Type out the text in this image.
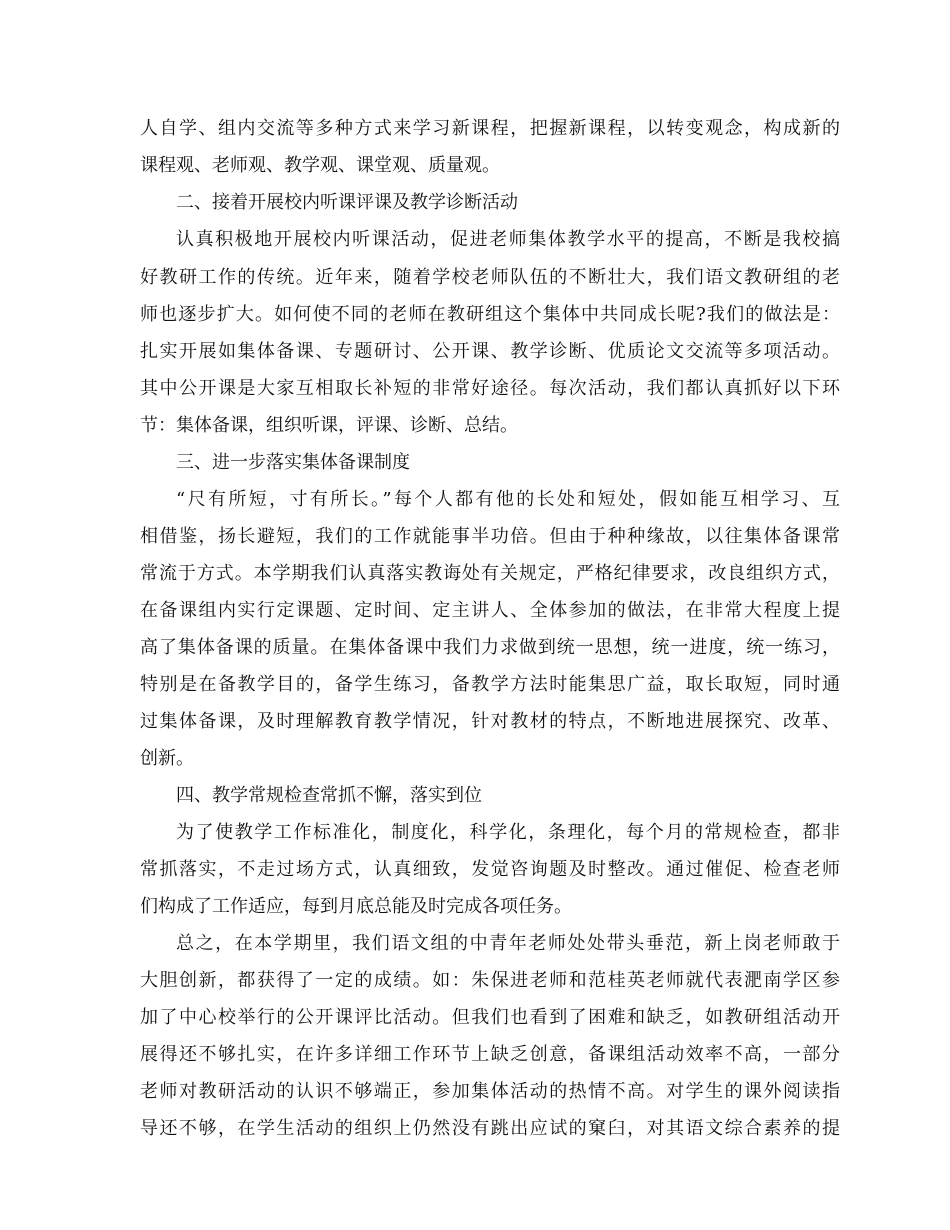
人自学、组内交流等多种方式来学习新课程，把握新课程，以转变观念，构成新的
课程观、老师观、教学观、课堂观、质量观。
二、接着开展校内听课评课及教学诊断活动
认真积极地开展校内听课活动，促进老师集体教学水平的提高，不断是我校搞
好教研工作的传统。近年来，随着学校老师队伍的不断壮大，我们语文教研组的老
师也逐步扩大。如何使不同的老师在教研组这个集体中共同成长呢?我们的做法是：
扎实开展如集体备课、专题研讨、公开课、教学诊断、优质论文交流等多项活动。
其中公开课是大家互相取长补短的非常好途径。每次活动，我们都认真抓好以下环
节：集体备课，组织听课，评课、诊断、总结。
三、进一步落实集体备课制度
“尺有所短，寸有所长。”每个人都有他的长处和短处，假如能互相学习、互
相借鉴，扬长避短，我们的工作就能事半功倍。但由于种种缘故，以往集体备课常
常流于方式。本学期我们认真落实教诲处有关规定，严格纪律要求，改良组织方式，
在备课组内实行定课题、定时间、定主讲人、全体参加的做法，在非常大程度上提
高了集体备课的质量。在集体备课中我们力求做到统一思想，统一进度，统一练习，
特别是在备教学目的，备学生练习，备教学方法时能集思广益，取长取短，同时通
过集体备课，及时理解教育教学情况，针对教材的特点，不断地进展探究、改革、
创新。
四、教学常规检查常抓不懈，落实到位
为了使教学工作标准化，制度化，科学化，条理化，每个月的常规检查，都非
常抓落实，不走过场方式，认真细致，发觉咨询题及时整改。通过催促、检查老师
们构成了工作适应，每到月底总能及时完成各项任务。
总之，在本学期里，我们语文组的中青年老师处处带头垂范，新上岗老师敢于
大胆创新，都获得了一定的成绩。如：朱保进老师和范桂英老师就代表淝南学区参
加了中心校举行的公开课评比活动。但我们也看到了困难和缺乏，如教研组活动开
展得还不够扎实，在许多详细工作环节上缺乏创意，备课组活动效率不高，一部分
老师对教研活动的认识不够端正，参加集体活动的热情不高。对学生的课外阅读指
导还不够，在学生活动的组织上仍然没有跳出应试的窠臼，对其语文综合素养的提
